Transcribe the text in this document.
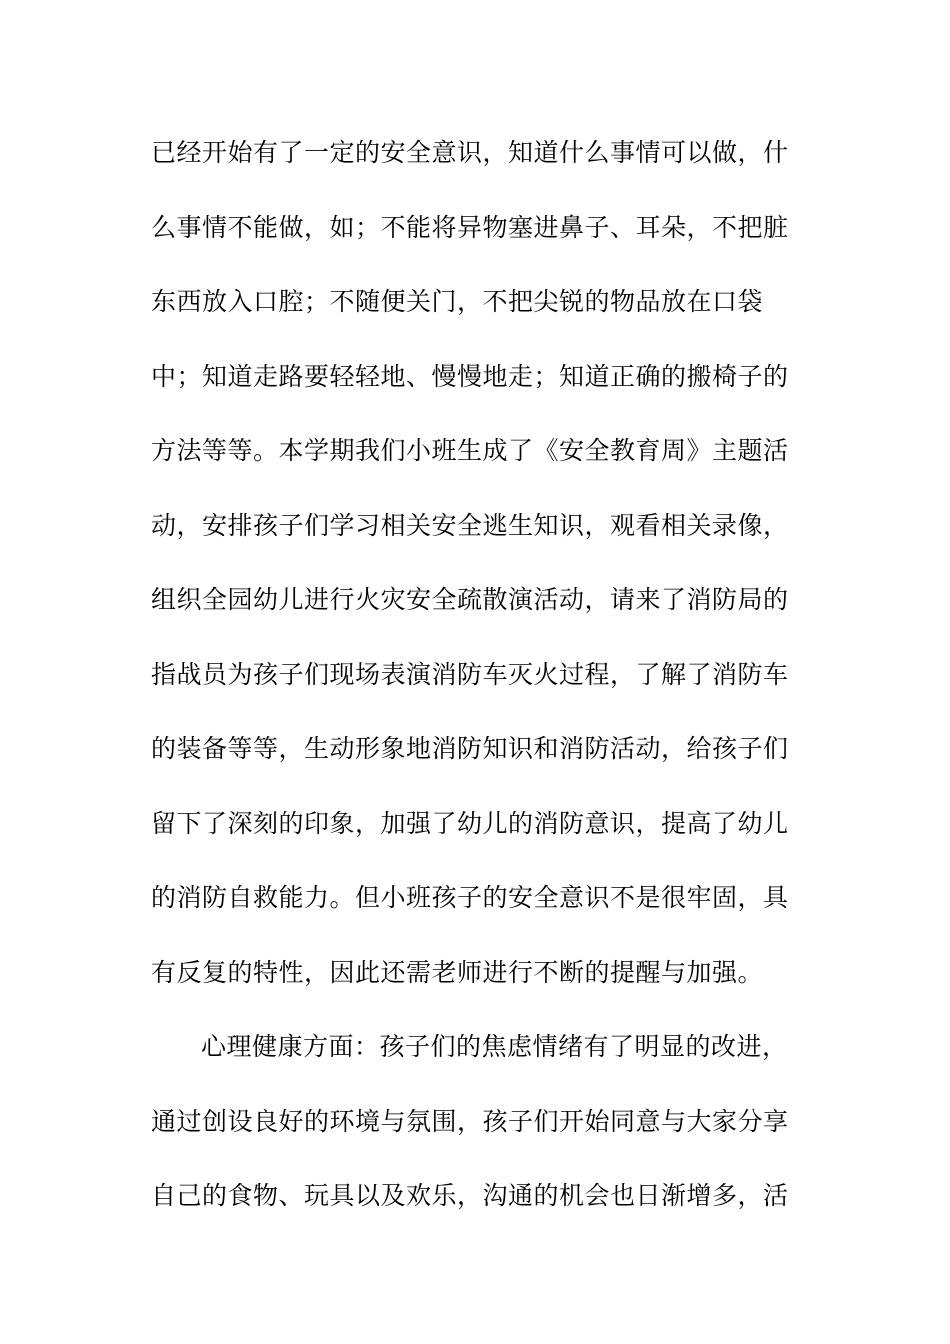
已经开始有了一定的安全意识，知道什么事情可以做，什
么事情不能做，如；不能将异物塞进鼻子、耳朵，不把脏
东西放入口腔；不随便关门，不把尖锐的物品放在口袋
中；知道走路要轻轻地、慢慢地走；知道正确的搬椅子的
方法等等。本学期我们小班生成了《安全教育周》主题活
动，安排孩子们学习相关安全逃生知识，观看相关录像，
组织全园幼儿进行火灾安全疏散演活动，请来了消防局的
指战员为孩子们现场表演消防车灭火过程，了解了消防车
的装备等等，生动形象地消防知识和消防活动，给孩子们
留下了深刻的印象，加强了幼儿的消防意识，提高了幼儿
的消防自救能力。但小班孩子的安全意识不是很牢固，具
有反复的特性，因此还需老师进行不断的提醒与加强。
心理健康方面：孩子们的焦虑情绪有了明显的改进，
通过创设良好的环境与氛围，孩子们开始同意与大家分享
自己的食物、玩具以及欢乐，沟通的机会也日渐增多，活
